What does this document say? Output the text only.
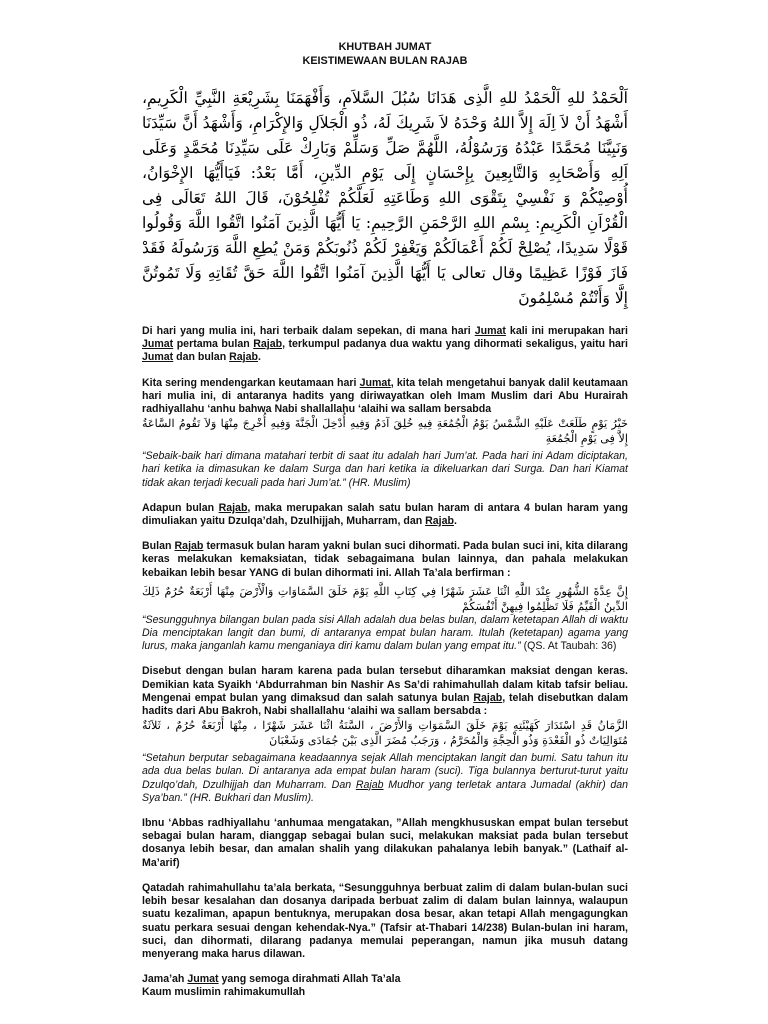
KHUTBAH JUMAT
KEISTIMEWAAN BULAN RAJAB
اَلْحَمْدُ للهِ اَلْحَمْدُ للهِ الَّذِى هَدَانَا سُبُلَ السَّلاَمِ، وَأَفْهَمَنَا بِشَرِيْعَةِ النَّبِيِّ الْكَرِيمِ، أَشْهَدُ أَنْ لاَ اِلَهَ إِلاَّ اللهُ وَحْدَهُ لاَ شَرِيكَ لَهُ، ذُو الْجَلاَلِ وَالإِكْرَامِ، وَأَشْهَدُ أَنَّ سَيِّدَنَا وَنَبِيَّنَا مُحَمَّدًا عَبْدُهُ وَرَسُوْلُهُ، اللَّهُمَّ صَلِّ وَسَلِّمْ وَبَارِكْ عَلَى سَيِّدِنَا مُحَمَّدٍ وَعَلَى اَلِهِ وَأَصْحَابِهِ وَالتَّابِعِينَ بِإِحْسَانٍ إِلَى يَوْمِ الدِّينِ، أَمَّا بَعْدُ: فَيَاأَيُّهَا الإِخْوَانُ، أُوْصِيْكُمْ وَ نَفْسِيْ بِتَقْوَى اللهِ وَطَاعَتِهِ لَعَلَّكُمْ تُفْلِحُوْنَ، قَالَ اللهُ تَعَالَى فِى الْقُرْاَنِ الْكَرِيمِ: بِسْمِ اللهِ الرَّحْمَنِ الرَّحِيمِ: يَا أَيُّهَا الَّذِينَ آمَنُوا اتَّقُوا اللَّهَ وَقُولُوا قَوْلًا سَدِيدًا، يُصْلِحْ لَكُمْ أَعْمَالَكُمْ وَيَغْفِرْ لَكُمْ ذُنُوبَكُمْ وَمَنْ يُطِعِ اللَّهَ وَرَسُولَهُ فَقَدْ فَازَ فَوْزًا عَظِيمًا وقال تعالى يَا أَيُّهَا الَّذِينَ آمَنُوا اتَّقُوا اللَّهَ حَقَّ تُقَاتِهِ وَلَا تَمُوتُنَّ إِلَّا وَأَنْتُمْ مُسْلِمُونَ

Di hari yang mulia ini, hari terbaik dalam sepekan, di mana hari Jumat kali ini merupakan hari Jumat pertama bulan Rajab, terkumpul padanya dua waktu yang dihormati sekaligus, yaitu hari Jumat dan bulan Rajab.

Kita sering mendengarkan keutamaan hari Jumat, kita telah mengetahui banyak dalil keutamaan hari mulia ini, di antaranya hadits yang diriwayatkan oleh Imam Muslim dari Abu Hurairah radhiyallahu ‘anhu bahwa Nabi shallallahu ‘alaihi wa sallam bersabda

خَيْرُ يَوْمٍ طَلَعَتْ عَلَيْهِ الشَّمْسُ يَوْمُ الْجُمُعَةِ فِيهِ خُلِقَ آدَمُ وَفِيهِ أُدْخِلَ الْجَنَّةَ وَفِيهِ أُخْرِجَ مِنْهَا وَلاَ تَقُومُ السَّاعَةُ إِلاَّ فِى يَوْمِ الْجُمُعَةِ

“Sebaik-baik hari dimana matahari terbit di saat itu adalah hari Jum’at. Pada hari ini Adam diciptakan, hari ketika ia dimasukan ke dalam Surga dan hari ketika ia dikeluarkan dari Surga. Dan hari Kiamat tidak akan terjadi kecuali pada hari Jum’at.” (HR. Muslim)

Adapun bulan Rajab, maka merupakan salah satu bulan haram di antara 4 bulan haram yang dimuliakan yaitu Dzulqa’dah, Dzulhijjah, Muharram, dan Rajab.

Bulan Rajab termasuk bulan haram yakni bulan suci dihormati. Pada bulan suci ini, kita dilarang keras melakukan kemaksiatan, tidak sebagaimana bulan lainnya, dan pahala melakukan kebaikan lebih besar YANG di bulan dihormati ini. Allah Ta’ala berfirman :

إِنَّ عِدَّةَ الشُّهُورِ عِنْدَ اللَّهِ اثْنَا عَشَرَ شَهْرًا فِي كِتَابِ اللَّهِ يَوْمَ خَلَقَ السَّمَاوَاتِ وَالْأَرْضَ مِنْهَا أَرْبَعَةٌ حُرُمٌ ذَلِكَ الدِّينُ الْقَيِّمُ فَلَا تَظْلِمُوا فِيهِنَّ أَنْفُسَكُمْ

“Sesungguhnya bilangan bulan pada sisi Allah adalah dua belas bulan, dalam ketetapan Allah di waktu Dia menciptakan langit dan bumi, di antaranya empat bulan haram. Itulah (ketetapan) agama yang lurus, maka janganlah kamu menganiaya diri kamu dalam bulan yang empat itu.” (QS. At Taubah: 36)

Disebut dengan bulan haram karena pada bulan tersebut diharamkan maksiat dengan keras. Demikian kata Syaikh ‘Abdurrahman bin Nashir As Sa’di rahimahullah dalam kitab tafsir beliau. Mengenai empat bulan yang dimaksud dan salah satunya bulan Rajab, telah disebutkan dalam hadits dari Abu Bakroh, Nabi shallallahu ‘alaihi wa sallam bersabda :

الزَّمَانُ قَدِ اسْتَدَارَ كَهَيْئَتِهِ يَوْمَ خَلَقَ السَّمَوَاتِ وَالأَرْضَ ، السَّنَةُ اثْنَا عَشَرَ شَهْرًا ، مِنْهَا أَرْبَعَةٌ حُرُمٌ ، ثَلاَثَةٌ مُتَوَالِيَاتٌ ذُو الْقَعْدَةِ وَذُو الْحِجَّةِ وَالْمُحَرَّمُ ، وَرَجَبُ مُضَرَ الَّذِى بَيْنَ جُمَادَى وَشَعْبَانَ

“Setahun berputar sebagaimana keadaannya sejak Allah menciptakan langit dan bumi. Satu tahun itu ada dua belas bulan. Di antaranya ada empat bulan haram (suci). Tiga bulannya berturut-turut yaitu Dzulqo’dah, Dzulhijjah dan Muharram. Dan Rajab Mudhor yang terletak antara Jumadal (akhir) dan Sya’ban.” (HR. Bukhari dan Muslim).

Ibnu ‘Abbas radhiyallahu ‘anhumaa mengatakan, ”Allah mengkhususkan empat bulan tersebut sebagai bulan haram, dianggap sebagai bulan suci, melakukan maksiat pada bulan tersebut dosanya lebih besar, dan amalan shalih yang dilakukan pahalanya lebih banyak.” (Lathaif al-Ma’arif)

Qatadah rahimahullahu ta’ala berkata, “Sesungguhnya berbuat zalim di dalam bulan-bulan suci lebih besar kesalahan dan dosanya daripada berbuat zalim di dalam bulan lainnya, walaupun suatu kezaliman, apapun bentuknya, merupakan dosa besar, akan tetapi Allah mengagungkan suatu perkara sesuai dengan kehendak-Nya.” (Tafsir at-Thabari 14/238) Bulan-bulan ini haram, suci, dan dihormati, dilarang padanya memulai peperangan, namun jika musuh datang menyerang maka harus dilawan.

Jama’ah Jumat yang semoga dirahmati Allah Ta’ala

Kaum muslimin rahimakumullah
